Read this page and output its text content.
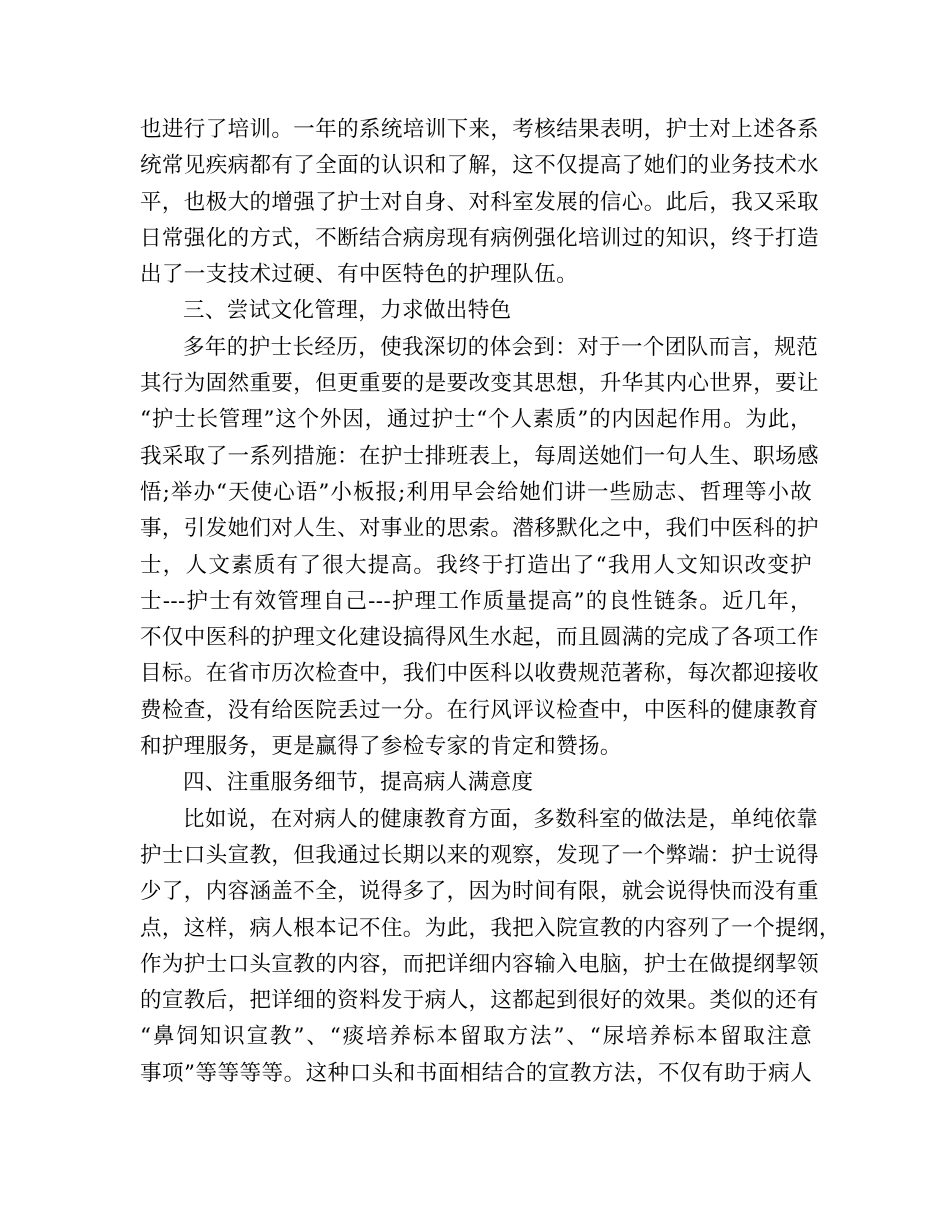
也进行了培训。一年的系统培训下来，考核结果表明，护士对上述各系
统常见疾病都有了全面的认识和了解，这不仅提高了她们的业务技术水
平，也极大的增强了护士对自身、对科室发展的信心。此后，我又采取
日常强化的方式，不断结合病房现有病例强化培训过的知识，终于打造
出了一支技术过硬、有中医特色的护理队伍。
三、尝试文化管理，力求做出特色
多年的护士长经历，使我深切的体会到：对于一个团队而言，规范
其行为固然重要，但更重要的是要改变其思想，升华其内心世界，要让
“护士长管理”这个外因，通过护士“个人素质”的内因起作用。为此，
我采取了一系列措施：在护士排班表上，每周送她们一句人生、职场感
悟;举办“天使心语”小板报;利用早会给她们讲一些励志、哲理等小故
事，引发她们对人生、对事业的思索。潜移默化之中，我们中医科的护
士，人文素质有了很大提高。我终于打造出了“我用人文知识改变护
士---护士有效管理自己---护理工作质量提高”的良性链条。近几年，
不仅中医科的护理文化建设搞得风生水起，而且圆满的完成了各项工作
目标。在省市历次检查中，我们中医科以收费规范著称，每次都迎接收
费检查，没有给医院丢过一分。在行风评议检查中，中医科的健康教育
和护理服务，更是赢得了参检专家的肯定和赞扬。
四、注重服务细节，提高病人满意度
比如说，在对病人的健康教育方面，多数科室的做法是，单纯依靠
护士口头宣教，但我通过长期以来的观察，发现了一个弊端：护士说得
少了，内容涵盖不全，说得多了，因为时间有限，就会说得快而没有重
点，这样，病人根本记不住。为此，我把入院宣教的内容列了一个提纲，
作为护士口头宣教的内容，而把详细内容输入电脑，护士在做提纲挈领
的宣教后，把详细的资料发于病人，这都起到很好的效果。类似的还有
“鼻饲知识宣教”、“痰培养标本留取方法”、“尿培养标本留取注意
事项”等等等等。这种口头和书面相结合的宣教方法，不仅有助于病人
